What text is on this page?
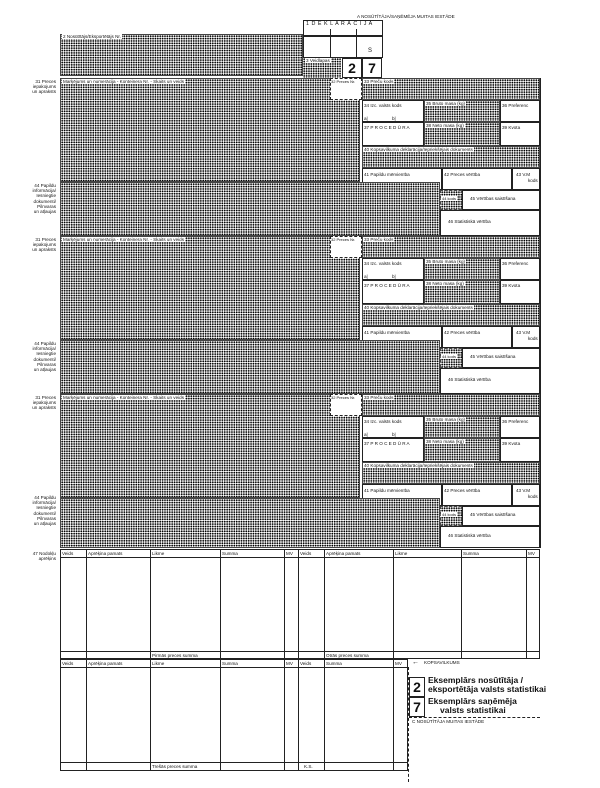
A NOSŪTĪTĀJA/SAŅĒMĒJA MUITAS IESTĀDE
1 D E K L A R Ā C I J A
2 Nosūtītājs/Eksportētājs Nr.
S
3 Veidlapas	2 7
31 Preces
iepakojums
un apraksts
Marķējums un numerācija - Konteinera Nr. - Skaits un veids	32 Preces Nr. 33 Preču kods
34 Izc. valsts kods
a|	b|
35 Bruto masa (kg)	36 Preferenc
37 P R O C E D Ū R A	38 Neto masa (kg)	39 Kvota
40 Kopsavilkuma deklarācija/Iepriekšējais dokuments
41 Papildu mērvienība	42 Preces vērtība	43 V.M
kods
44 Papildu
informācija/
Iesniegtie
dokumenti/
Pilnvaras
un atļaujas
44 kods	45 Vērtības saistīšana
46 Statistiskā vērtība
31 Preces
iepakojums
un apraksts
Marķējums un numerācija - Konteinera Nr. - Skaits un veids	32 Preces Nr. 33 Preču kods
34 Izc. valsts kods
a|	b|
35 Bruto masa (kg)	36 Preferenc
37 P R O C E D Ū R A	38 Neto masa (kg)	39 Kvota
40 Kopsavilkuma deklarācija/Iepriekšējais dokuments
41 Papildu mērvienība	42 Preces vērtība	43 V.M
kods
44 Papildu
informācija/
Iesniegtie
dokumenti/
Pilnvaras
un atļaujas
44 kods	45 Vērtības saistīšana
46 Statistiskā vērtība
31 Preces
iepakojums
un apraksts
Marķējums un numerācija - Konteinera Nr. - Skaits un veids	32 Preces Nr. 33 Preču kods
34 Izc. valsts kods
a|	b|
35 Bruto masa (kg)	36 Preferenc
37 P R O C E D Ū R A	38 Neto masa (kg)	39 Kvota
40 Kopsavilkuma deklarācija/Iepriekšējais dokuments
41 Papildu mērvienība	42 Preces vērtība	43 V.M
kods
44 Papildu
informācija/
Iesniegtie
dokumenti/
Pilnvaras
un atļaujas
44 kods	45 Vērtības saistīšana
46 Statistiskā vērtība
47 Nodokļu
aprēķins
Veids	Aprēķina pamats	Likme	Summa	MV Veids	Aprēķina pamats	Likme	Summa	MV
Pirmās preces summa	Otrās preces summa
Veids	Aprēķina pamats	Likme	Summa	MV Veids	Summa	MV
Trešās preces summa	K.S.
← KOPSAVILKUMS
2 Eksemplārs nosūtītāja /
eksportētāja valsts statistikai
7 Eksemplārs saņēmēja
valsts statistikai
C NOSŪTĪTĀJA MUITAS IESTĀDE
